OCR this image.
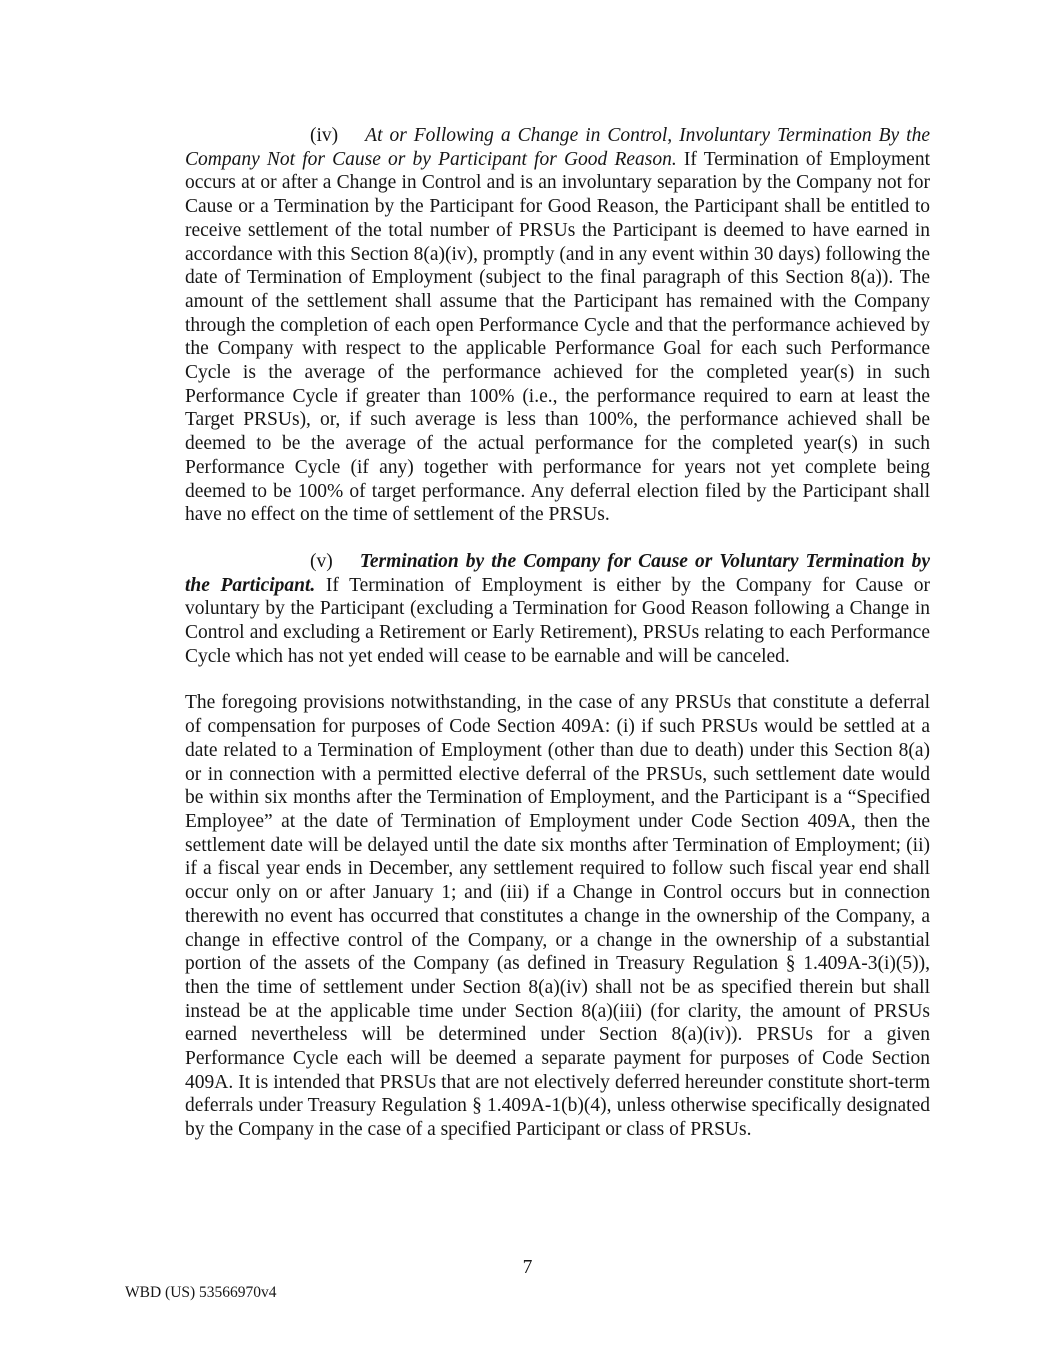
(iv) At or Following a Change in Control, Involuntary Termination By the Company Not for Cause or by Participant for Good Reason. If Termination of Employment occurs at or after a Change in Control and is an involuntary separation by the Company not for Cause or a Termination by the Participant for Good Reason, the Participant shall be entitled to receive settlement of the total number of PRSUs the Participant is deemed to have earned in accordance with this Section 8(a)(iv), promptly (and in any event within 30 days) following the date of Termination of Employment (subject to the final paragraph of this Section 8(a)). The amount of the settlement shall assume that the Participant has remained with the Company through the completion of each open Performance Cycle and that the performance achieved by the Company with respect to the applicable Performance Goal for each such Performance Cycle is the average of the performance achieved for the completed year(s) in such Performance Cycle if greater than 100% (i.e., the performance required to earn at least the Target PRSUs), or, if such average is less than 100%, the performance achieved shall be deemed to be the average of the actual performance for the completed year(s) in such Performance Cycle (if any) together with performance for years not yet complete being deemed to be 100% of target performance. Any deferral election filed by the Participant shall have no effect on the time of settlement of the PRSUs.

(v) Termination by the Company for Cause or Voluntary Termination by the Participant. If Termination of Employment is either by the Company for Cause or voluntary by the Participant (excluding a Termination for Good Reason following a Change in Control and excluding a Retirement or Early Retirement), PRSUs relating to each Performance Cycle which has not yet ended will cease to be earnable and will be canceled.

The foregoing provisions notwithstanding, in the case of any PRSUs that constitute a deferral of compensation for purposes of Code Section 409A: (i) if such PRSUs would be settled at a date related to a Termination of Employment (other than due to death) under this Section 8(a) or in connection with a permitted elective deferral of the PRSUs, such settlement date would be within six months after the Termination of Employment, and the Participant is a “Specified Employee” at the date of Termination of Employment under Code Section 409A, then the settlement date will be delayed until the date six months after Termination of Employment; (ii) if a fiscal year ends in December, any settlement required to follow such fiscal year end shall occur only on or after January 1; and (iii) if a Change in Control occurs but in connection therewith no event has occurred that constitutes a change in the ownership of the Company, a change in effective control of the Company, or a change in the ownership of a substantial portion of the assets of the Company (as defined in Treasury Regulation § 1.409A-3(i)(5)), then the time of settlement under Section 8(a)(iv) shall not be as specified therein but shall instead be at the applicable time under Section 8(a)(iii) (for clarity, the amount of PRSUs earned nevertheless will be determined under Section 8(a)(iv)). PRSUs for a given Performance Cycle each will be deemed a separate payment for purposes of Code Section 409A. It is intended that PRSUs that are not electively deferred hereunder constitute short-term deferrals under Treasury Regulation § 1.409A-1(b)(4), unless otherwise specifically designated by the Company in the case of a specified Participant or class of PRSUs.

7
WBD (US) 53566970v4
